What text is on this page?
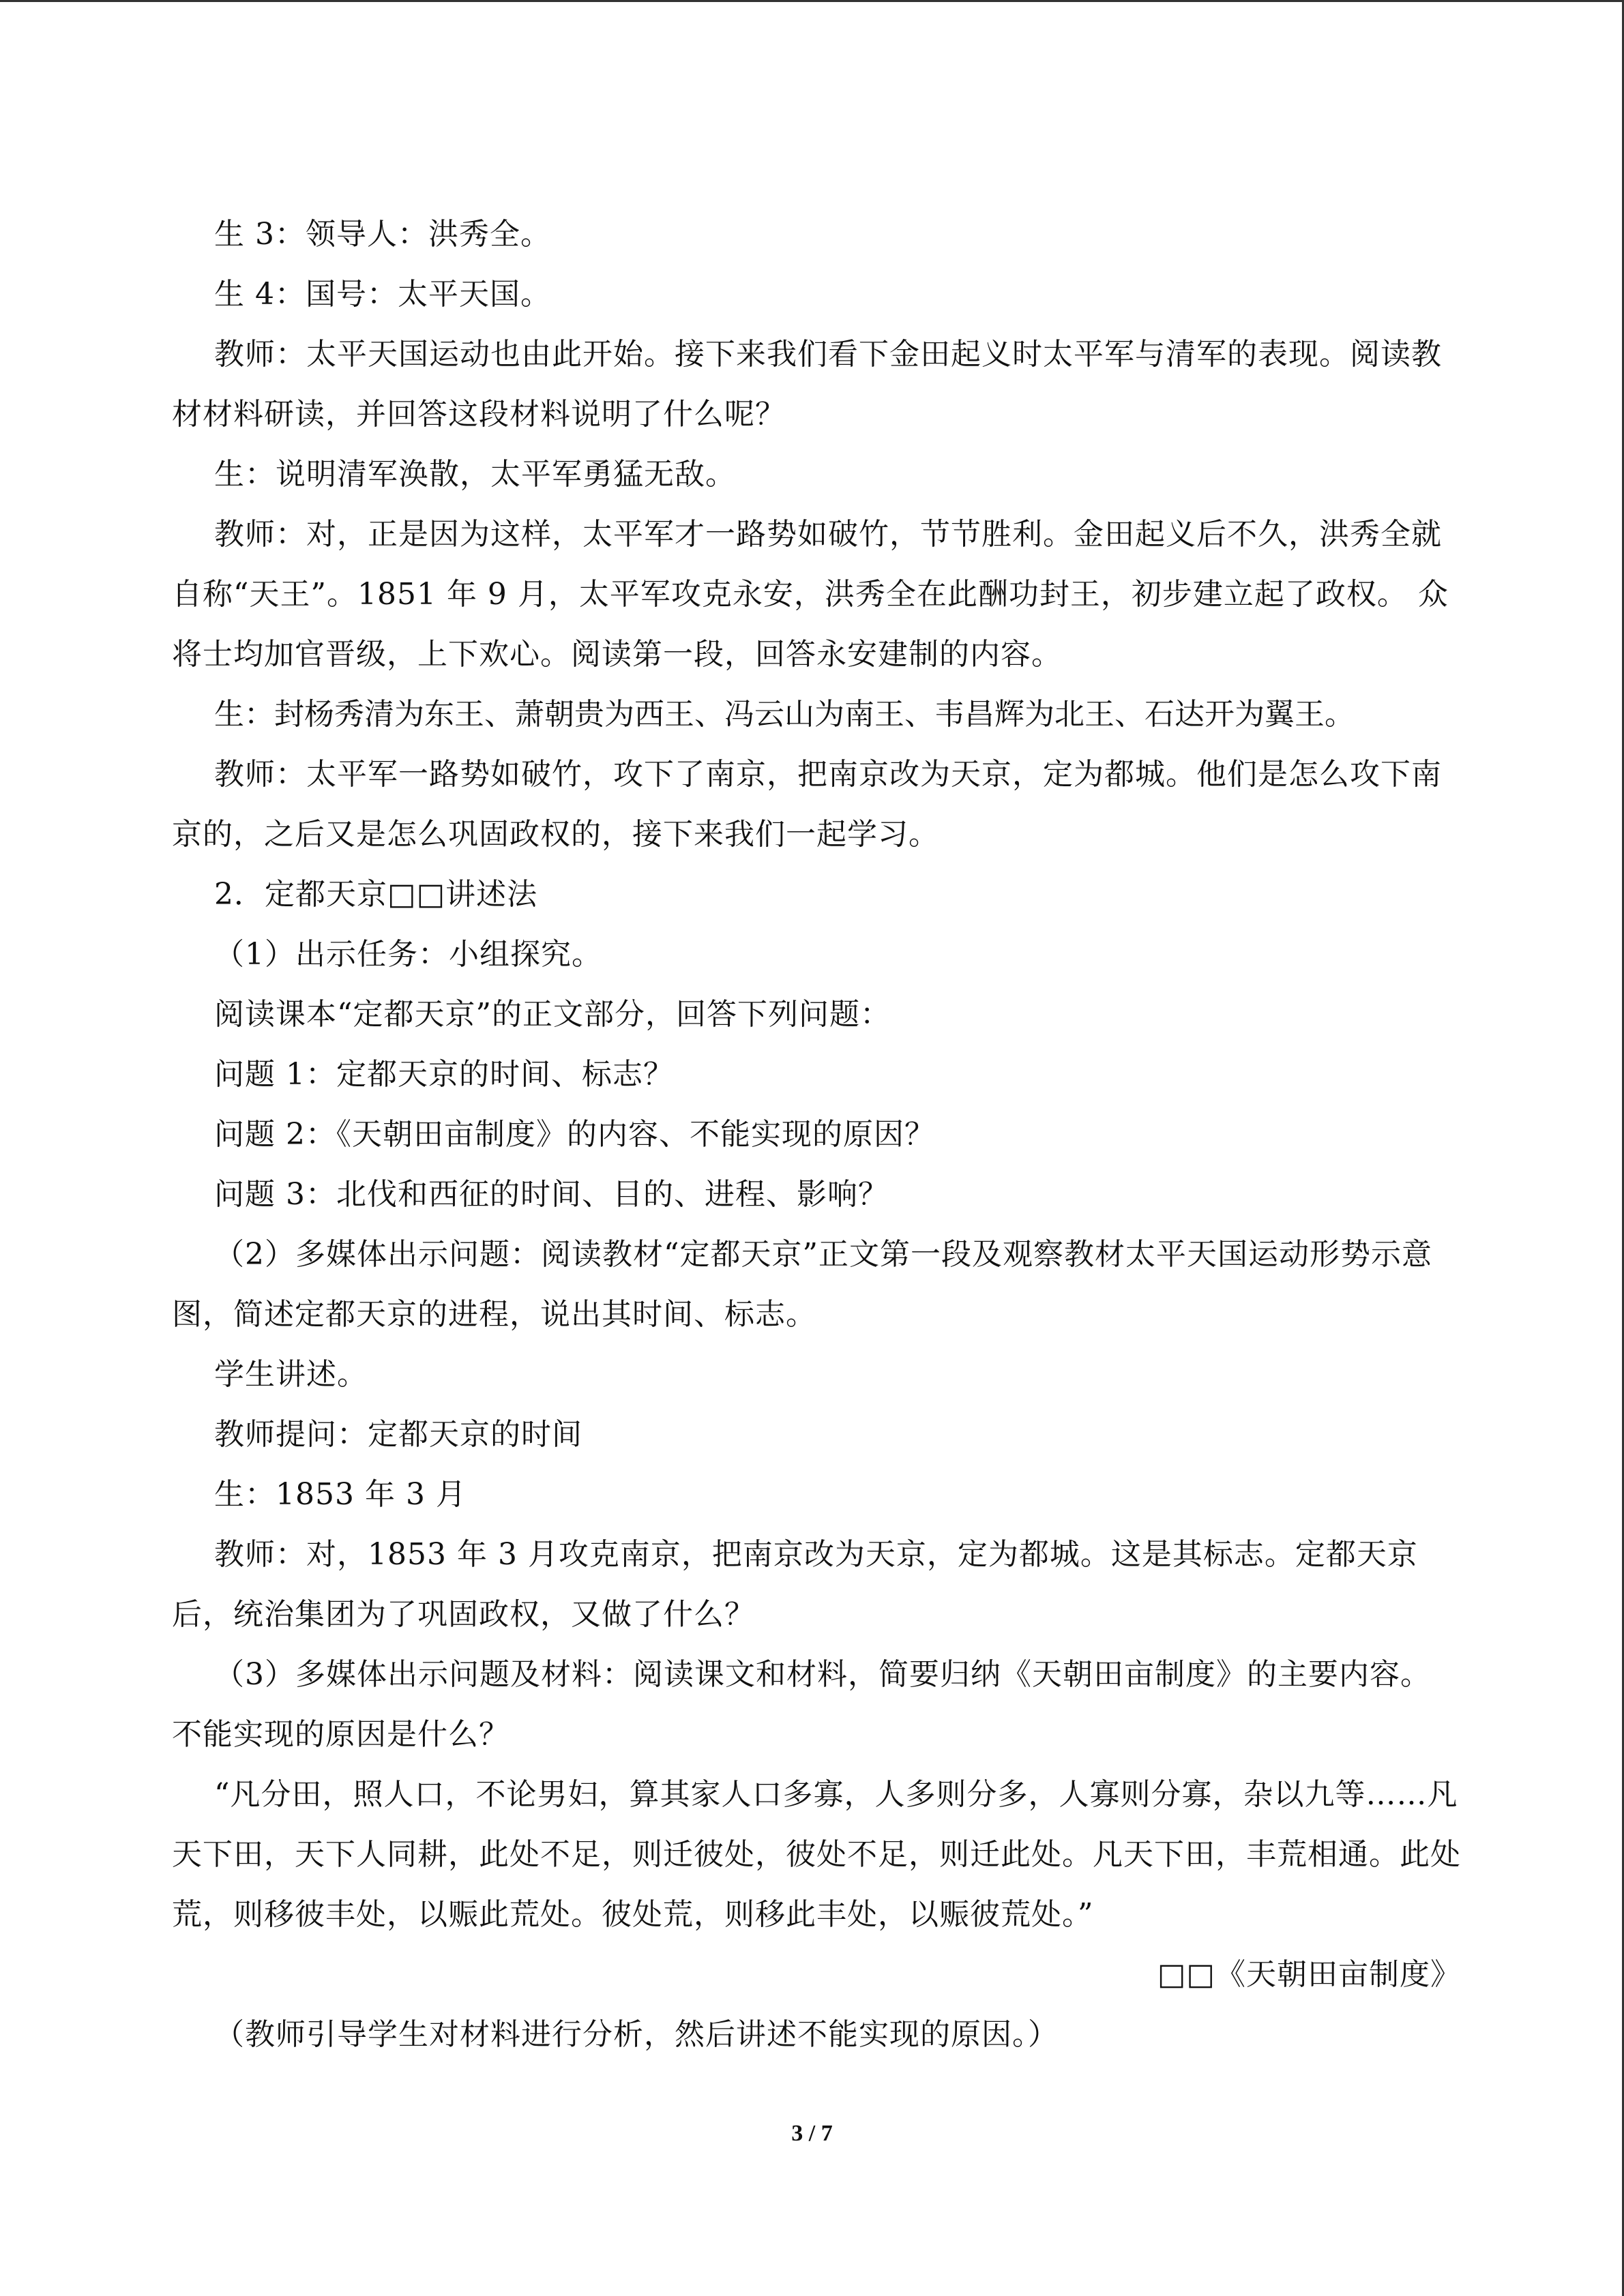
生 3：领导人：洪秀全。

生 4：国号：太平天国。

教师：太平天国运动也由此开始。接下来我们看下金田起义时太平军与清军的表现。阅读教材材料研读，并回答这段材料说明了什么呢？

生：说明清军涣散，太平军勇猛无敌。

教师：对，正是因为这样，太平军才一路势如破竹，节节胜利。金田起义后不久，洪秀全就自称“天王”。1851 年 9 月，太平军攻克永安，洪秀全在此酬功封王，初步建立起了政权。 众将士均加官晋级，上下欢心。阅读第一段，回答永安建制的内容。

生：封杨秀清为东王、萧朝贵为西王、冯云山为南王、韦昌辉为北王、石达开为翼王。

教师：太平军一路势如破竹，攻下了南京，把南京改为天京，定为都城。他们是怎么攻下南京的，之后又是怎么巩固政权的，接下来我们一起学习。

2．定都天京□□讲述法

（1）出示任务：小组探究。

阅读课本“定都天京”的正文部分，回答下列问题：

问题 1：定都天京的时间、标志？

问题 2：《天朝田亩制度》的内容、不能实现的原因？

问题 3：北伐和西征的时间、目的、进程、影响？

（2）多媒体出示问题：阅读教材“定都天京”正文第一段及观察教材太平天国运动形势示意图，简述定都天京的进程，说出其时间、标志。

学生讲述。

教师提问：定都天京的时间

生：1853 年 3 月

教师：对，1853 年 3 月攻克南京，把南京改为天京，定为都城。这是其标志。定都天京后，统治集团为了巩固政权，又做了什么？

（3）多媒体出示问题及材料：阅读课文和材料，简要归纳《天朝田亩制度》的主要内容。不能实现的原因是什么？

“凡分田，照人口，不论男妇，算其家人口多寡，人多则分多，人寡则分寡，杂以九等……凡天下田，天下人同耕，此处不足，则迁彼处，彼处不足，则迁此处。凡天下田，丰荒相通。此处荒，则移彼丰处，以赈此荒处。彼处荒，则移此丰处，以赈彼荒处。”

□□《天朝田亩制度》

（教师引导学生对材料进行分析，然后讲述不能实现的原因。）

3 / 7
